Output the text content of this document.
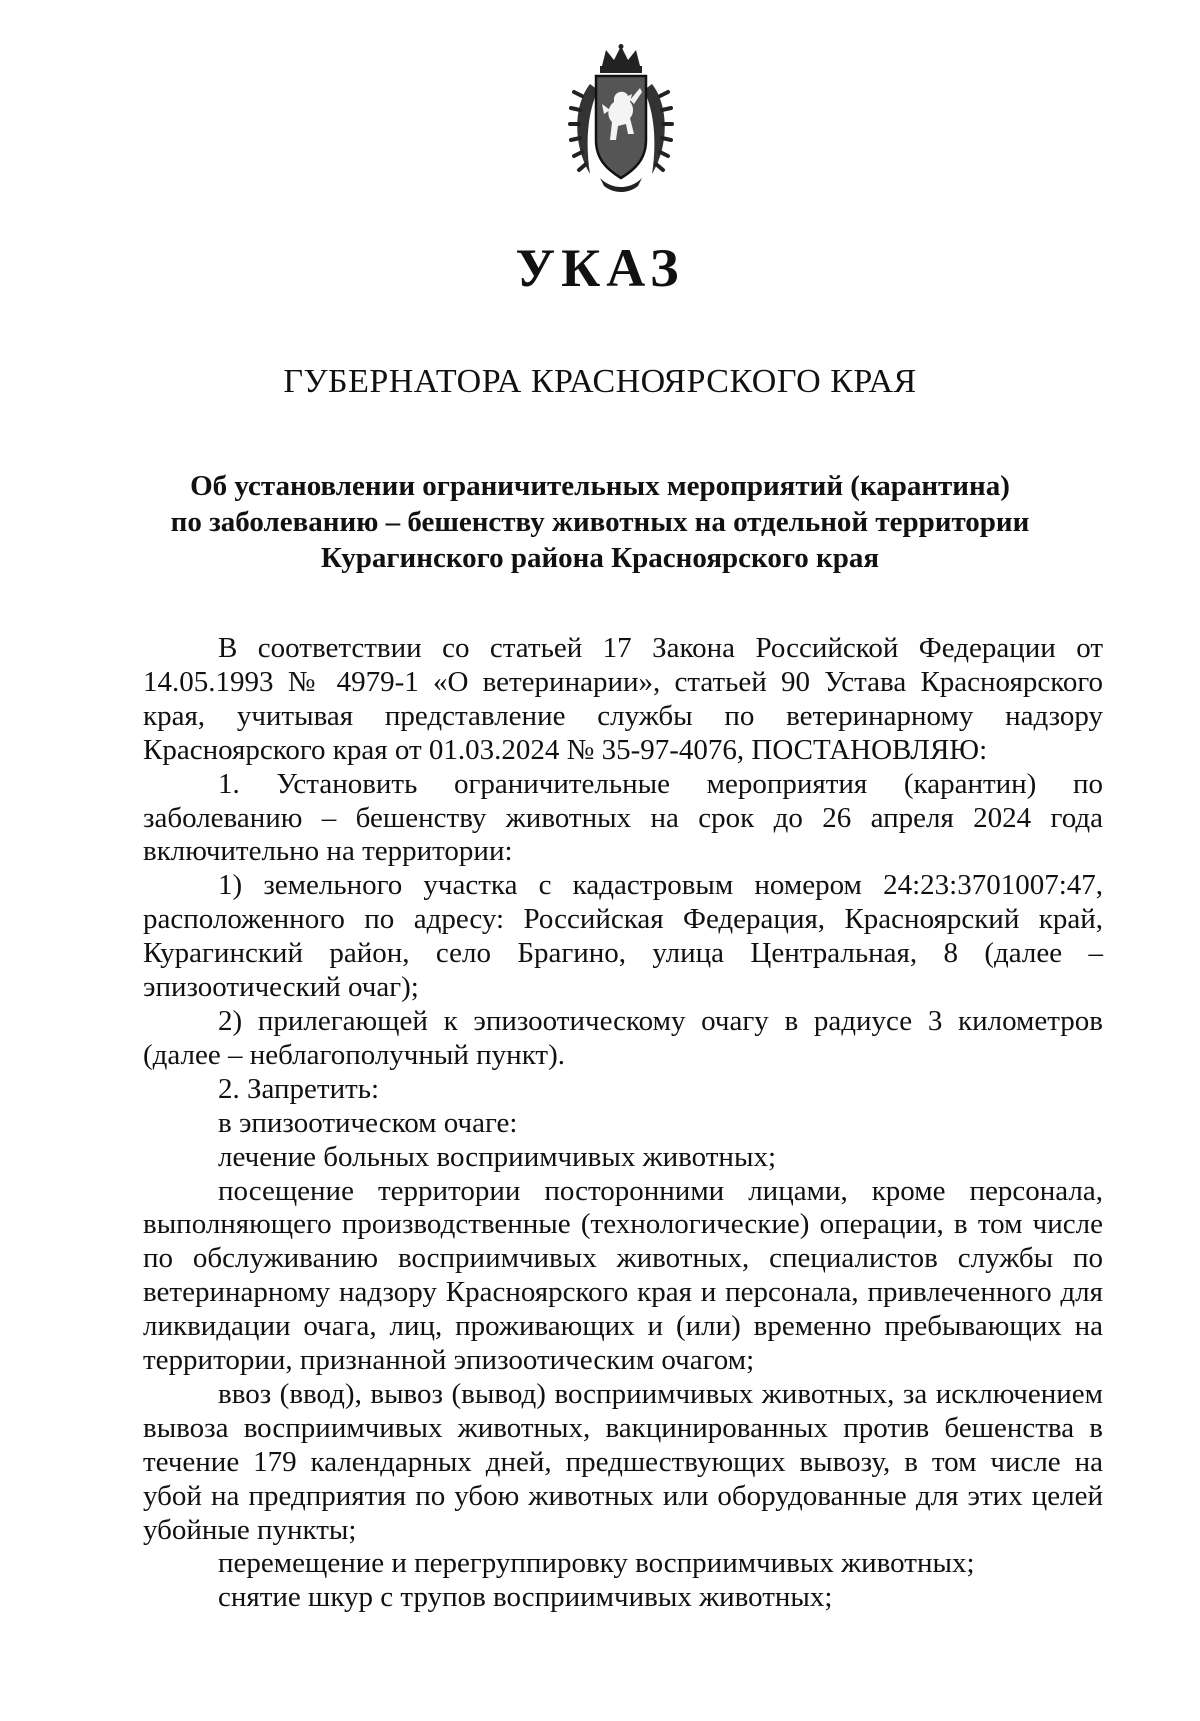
УКАЗ
ГУБЕРНАТОРА КРАСНОЯРСКОГО КРАЯ
Об установлении ограничительных мероприятий (карантина)
по заболеванию – бешенству животных на отдельной территории
Курагинского района Красноярского края

В соответствии со статьей 17 Закона Российской Федерации от 14.05.1993 № 4979-1 «О ветеринарии», статьей 90 Устава Красноярского края, учитывая представление службы по ветеринарному надзору Красноярского края от 01.03.2024 № 35-97-4076, ПОСТАНОВЛЯЮ:

1. Установить ограничительные мероприятия (карантин) по заболеванию – бешенству животных на срок до 26 апреля 2024 года включительно на территории:

1) земельного участка с кадастровым номером 24:23:3701007:47, расположенного по адресу: Российская Федерация, Красноярский край, Курагинский район, село Брагино, улица Центральная, 8 (далее – эпизоотический очаг);

2) прилегающей к эпизоотическому очагу в радиусе 3 километров (далее – неблагополучный пункт).

2. Запретить:

в эпизоотическом очаге:

лечение больных восприимчивых животных;

посещение территории посторонними лицами, кроме персонала, выполняющего производственные (технологические) операции, в том числе по обслуживанию восприимчивых животных, специалистов службы по ветеринарному надзору Красноярского края и персонала, привлеченного для ликвидации очага, лиц, проживающих и (или) временно пребывающих на территории, признанной эпизоотическим очагом;

ввоз (ввод), вывоз (вывод) восприимчивых животных, за исключением вывоза восприимчивых животных, вакцинированных против бешенства в течение 179 календарных дней, предшествующих вывозу, в том числе на убой на предприятия по убою животных или оборудованные для этих целей убойные пункты;

перемещение и перегруппировку восприимчивых животных;

снятие шкур с трупов восприимчивых животных;
